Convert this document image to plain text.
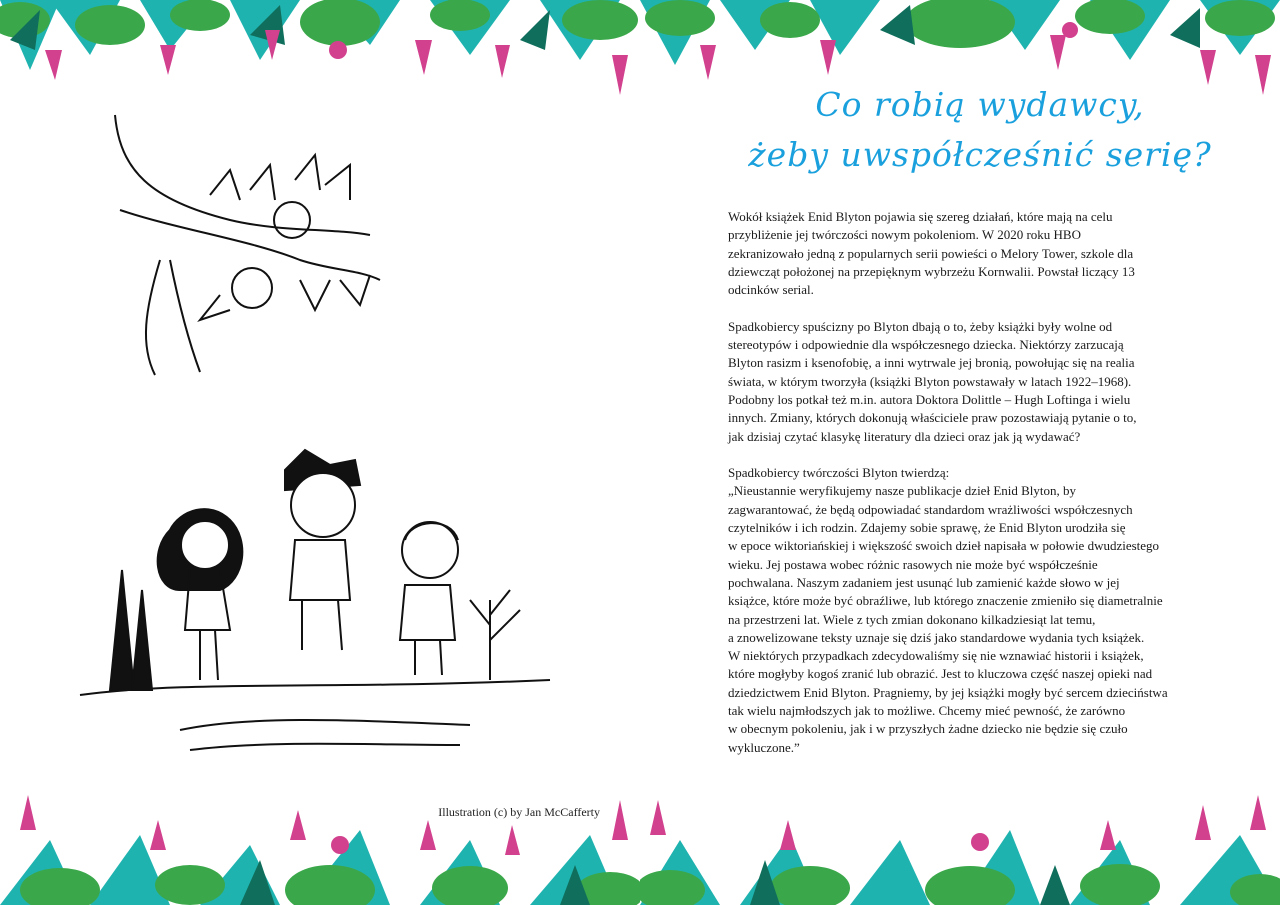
Illustration (c) by Jan McCafferty
Co robią wydawcy,
żeby uwspółcześnić serię?

Wokół książek Enid Blyton pojawia się szereg działań, które mają na celu
przybliżenie jej twórczości nowym pokoleniom. W 2020 roku HBO
zekranizowało jedną z popularnych serii powieści o Melory Tower, szkole dla
dziewcząt położonej na przepięknym wybrzeżu Kornwalii. Powstał liczący 13
odcinków serial.

Spadkobiercy spuścizny po Blyton dbają o to, żeby książki były wolne od
stereotypów i odpowiednie dla współczesnego dziecka. Niektórzy zarzucają
Blyton rasizm i ksenofobię, a inni wytrwale jej bronią, powołując się na realia
świata, w którym tworzyła (książki Blyton powstawały w latach 1922–1968).
Podobny los potkał też m.in. autora Doktora Dolittle – Hugh Loftinga i wielu
innych. Zmiany, których dokonują właściciele praw pozostawiają pytanie o to,
jak dzisiaj czytać klasykę literatury dla dzieci oraz jak ją wydawać?

Spadkobiercy twórczości Blyton twierdzą:

„Nieustannie weryfikujemy nasze publikacje dzieł Enid Blyton, by
zagwarantować, że będą odpowiadać standardom wrażliwości współczesnych
czytelników i ich rodzin. Zdajemy sobie sprawę, że Enid Blyton urodziła się
w epoce wiktoriańskiej i większość swoich dzieł napisała w połowie dwudziestego
wieku. Jej postawa wobec różnic rasowych nie może być współcześnie
pochwalana. Naszym zadaniem jest usunąć lub zamienić każde słowo w jej
książce, które może być obraźliwe, lub którego znaczenie zmieniło się diametralnie
na przestrzeni lat. Wiele z tych zmian dokonano kilkadziesiąt lat temu,
a znowelizowane teksty uznaje się dziś jako standardowe wydania tych książek.
W niektórych przypadkach zdecydowaliśmy się nie wznawiać historii i książek,
które mogłyby kogoś zranić lub obrazić. Jest to kluczowa część naszej opieki nad
dziedzictwem Enid Blyton. Pragniemy, by jej książki mogły być sercem dzieciństwa
tak wielu najmłodszych jak to możliwe. Chcemy mieć pewność, że zarówno
w obecnym pokoleniu, jak i w przyszłych żadne dziecko nie będzie się czuło
wykluczone.”
